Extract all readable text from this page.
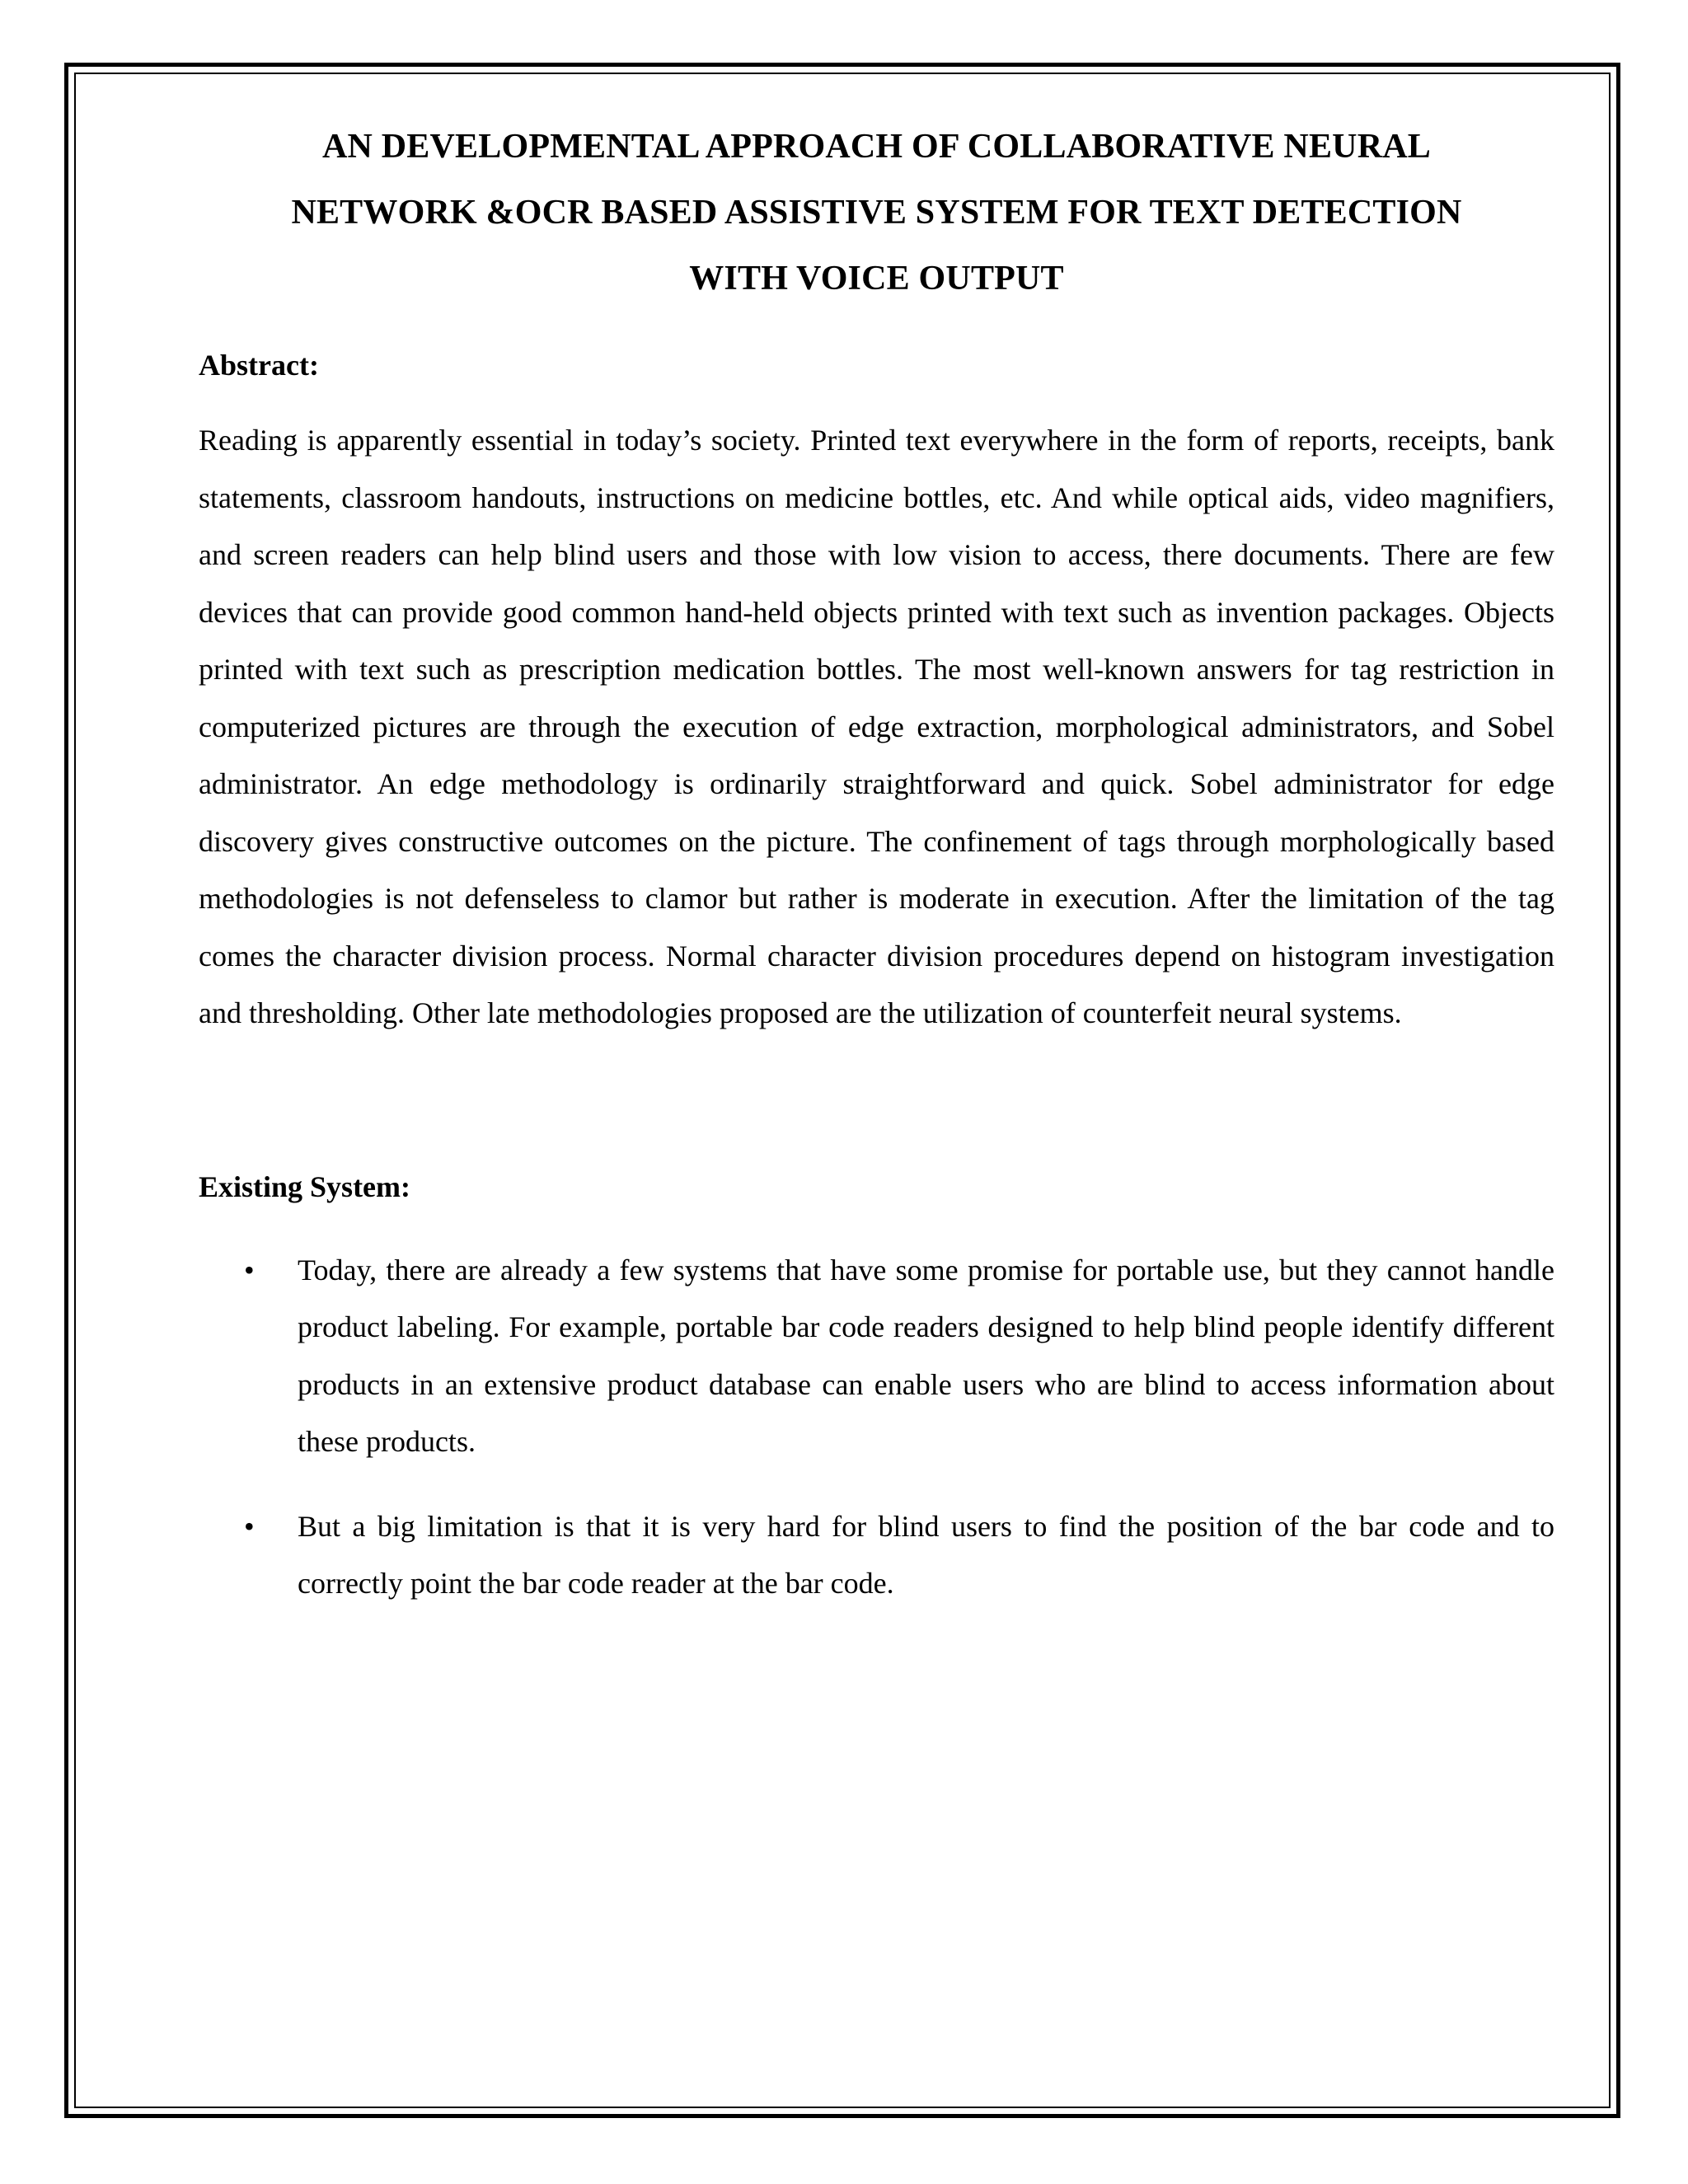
AN DEVELOPMENTAL APPROACH OF COLLABORATIVE NEURAL
NETWORK &OCR BASED ASSISTIVE SYSTEM FOR TEXT DETECTION
WITH VOICE OUTPUT
Abstract:

Reading is apparently essential in today’s society. Printed text everywhere in the form of reports, receipts, bank statements, classroom handouts, instructions on medicine bottles, etc. And while optical aids, video magnifiers, and screen readers can help blind users and those with low vision to access, there documents. There are few devices that can provide good common hand-held objects printed with text such as invention packages. Objects printed with text such as prescription medication bottles. The most well-known answers for tag restriction in computerized pictures are through the execution of edge extraction, morphological administrators, and Sobel administrator. An edge methodology is ordinarily straightforward and quick. Sobel administrator for edge discovery gives constructive outcomes on the picture. The confinement of tags through morphologically based methodologies is not defenseless to clamor but rather is moderate in execution. After the limitation of the tag comes the character division process. Normal character division procedures depend on histogram investigation and thresholding. Other late methodologies proposed are the utilization of counterfeit neural systems.

Existing System:
• Today, there are already a few systems that have some promise for portable use, but they cannot handle product labeling. For example, portable bar code readers designed to help blind people identify different products in an extensive product database can enable users who are blind to access information about these products.
• But a big limitation is that it is very hard for blind users to find the position of the bar code and to correctly point the bar code reader at the bar code.
